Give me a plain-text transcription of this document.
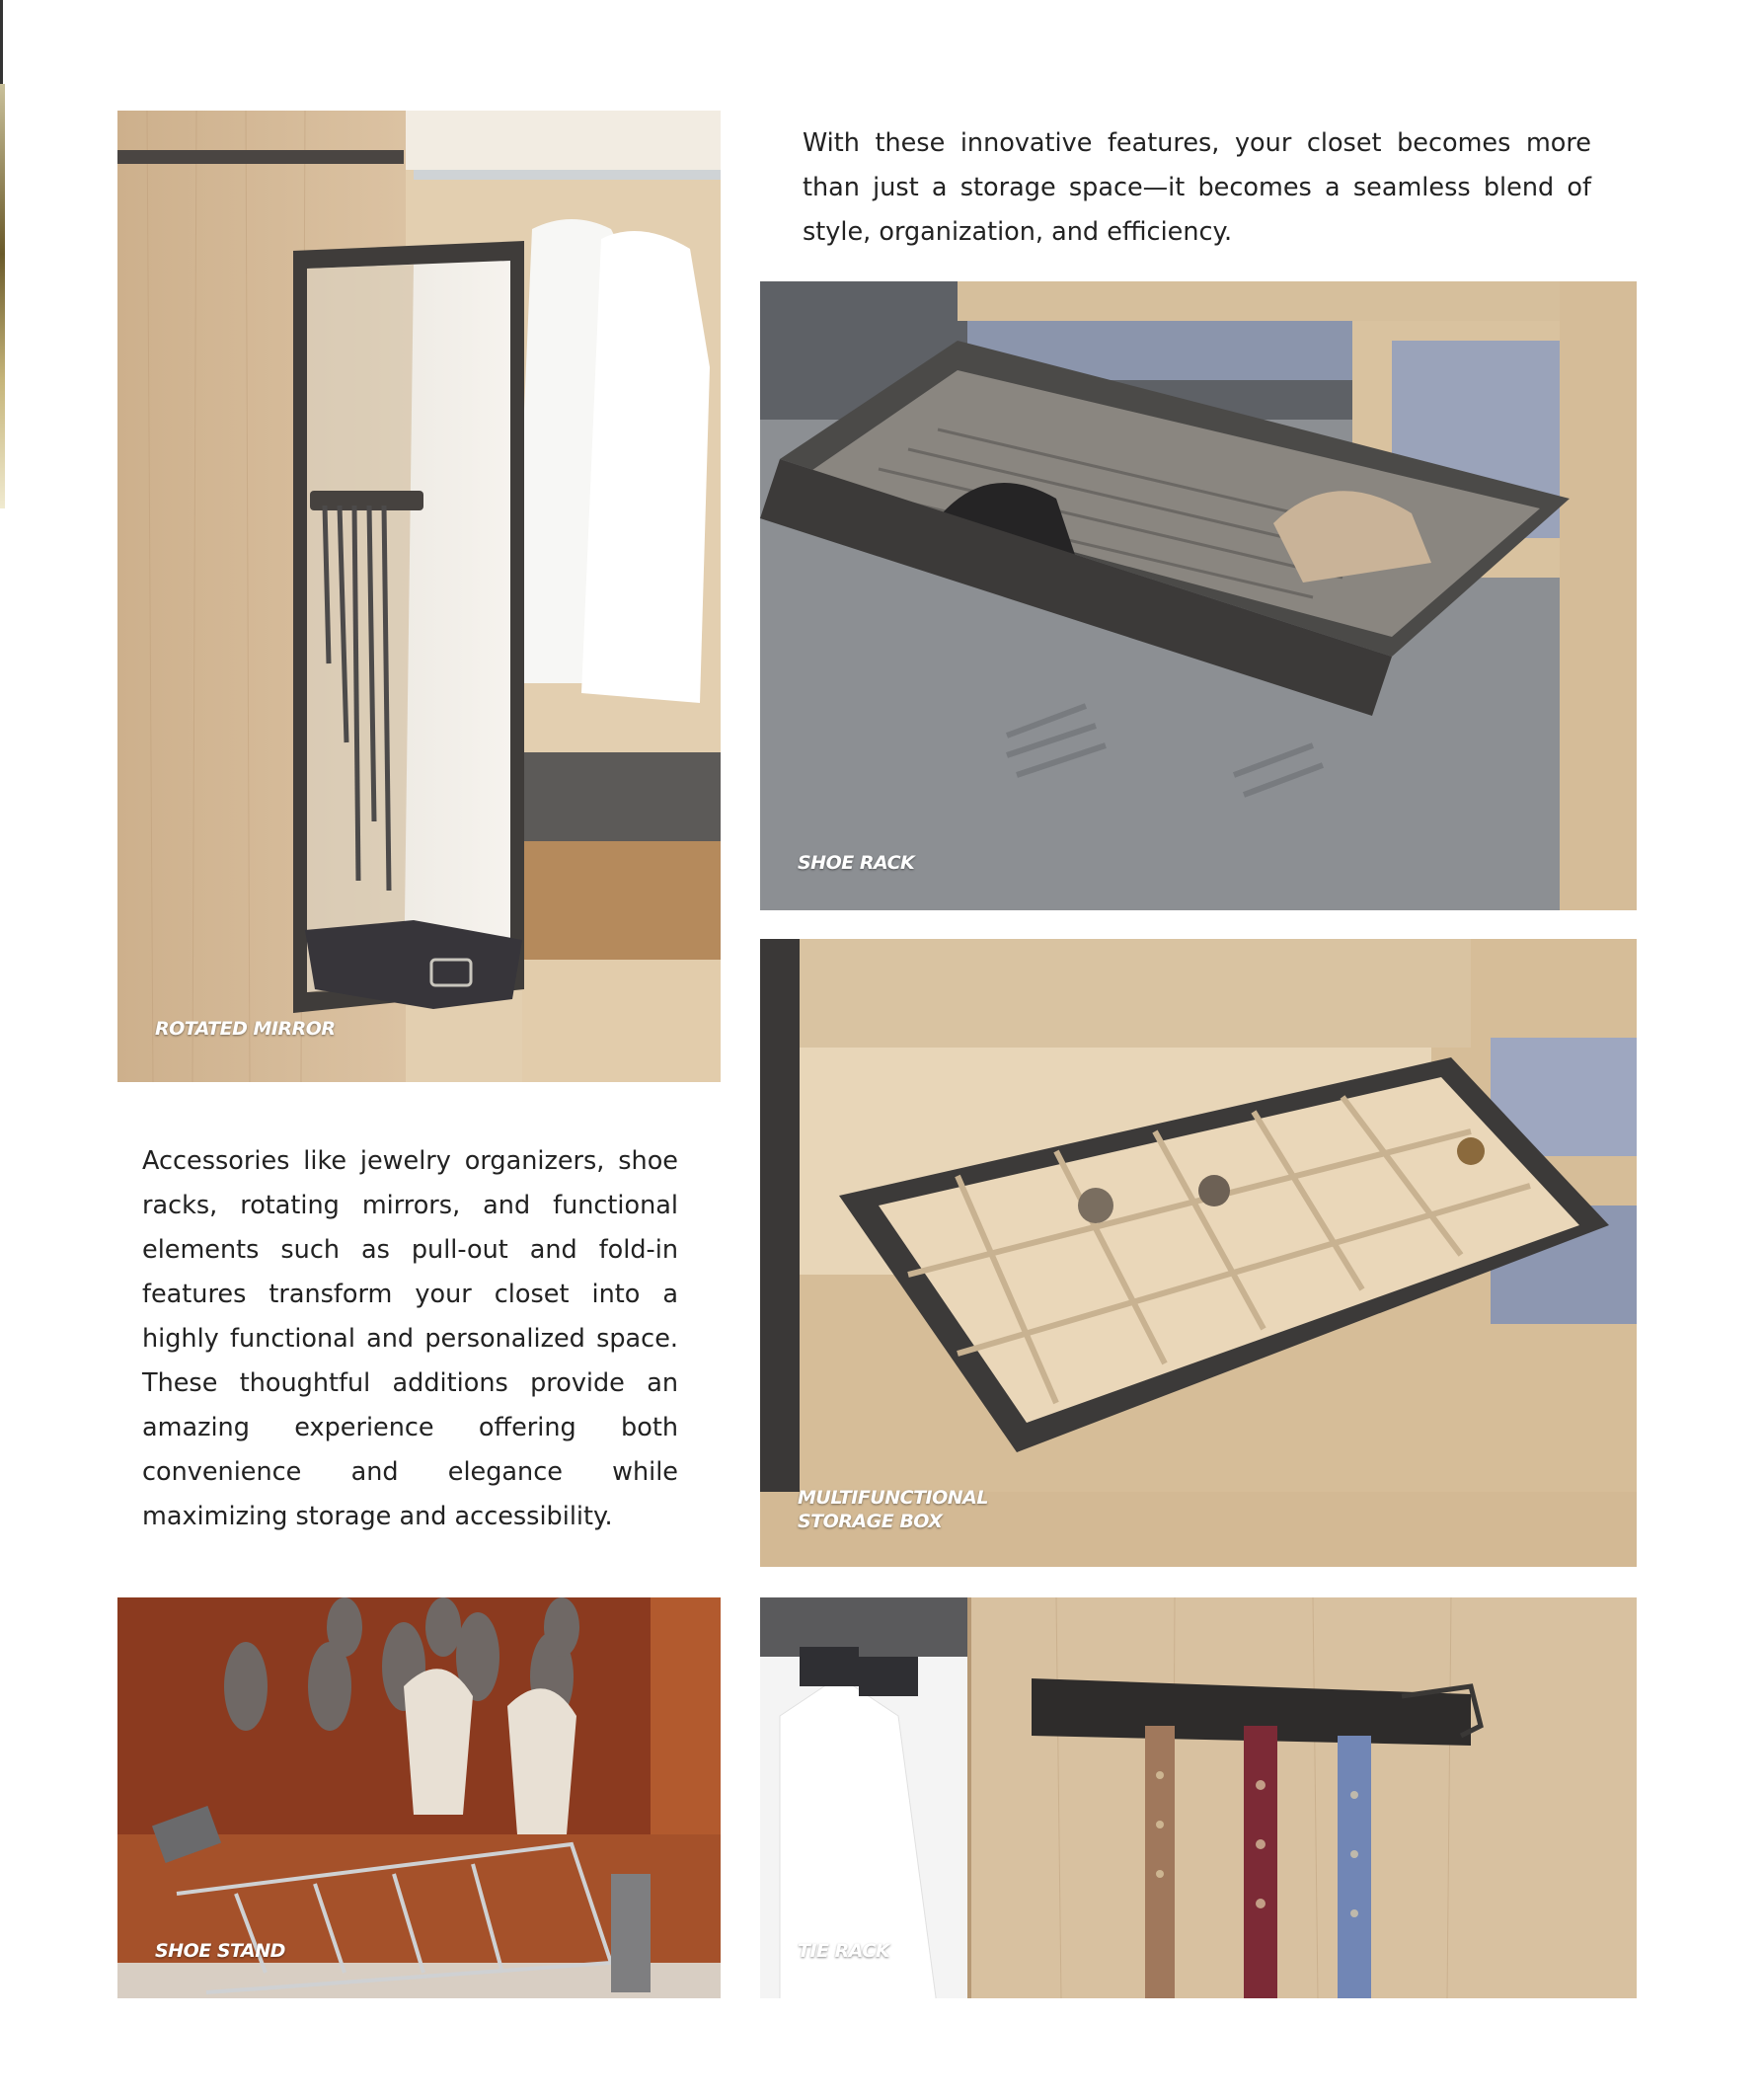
ROTATED MIRROR

With these innovative features, your closet becomes more than just a storage space—it becomes a seamless blend of style, organization, and efficiency.

SHOE RACK

Accessories like jewelry organizers, shoe racks, rotating mirrors, and functional elements such as pull-out and fold-in features transform your closet into a highly functional and personalized space. These thoughtful additions provide an amazing experience offering both convenience and elegance while maximizing storage and accessibility.

MULTIFUNCTIONAL
STORAGE BOX
SHOE STAND	TIE RACK
